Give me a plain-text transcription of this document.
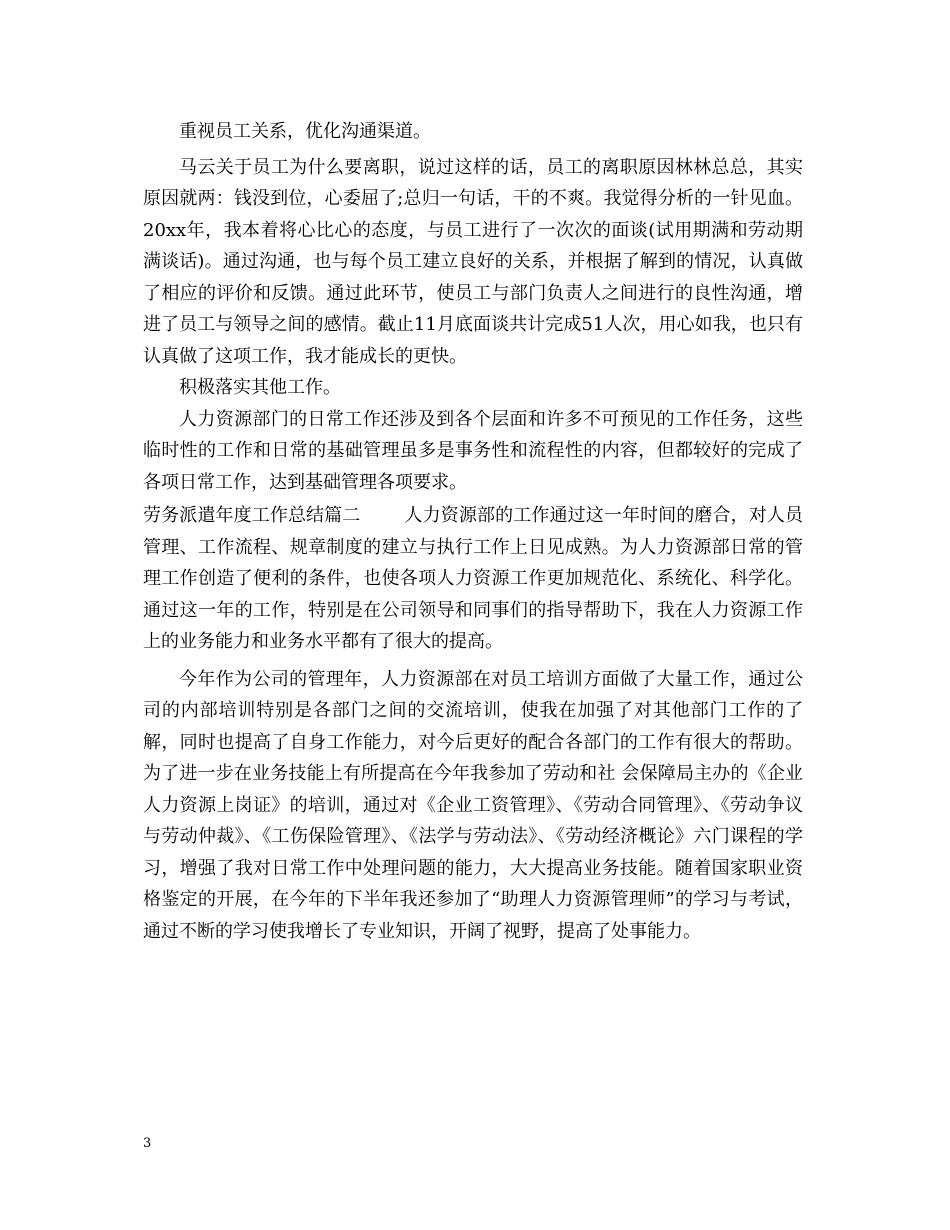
重视员工关系，优化沟通渠道。

马云关于员工为什么要离职，说过这样的话，员工的离职原因林林总总，其实原因就两：钱没到位，心委屈了;总归一句话，干的不爽。我觉得分析的一针见血。20xx年，我本着将心比心的态度，与员工进行了一次次的面谈(试用期满和劳动期满谈话)。通过沟通，也与每个员工建立良好的关系，并根据了解到的情况，认真做了相应的评价和反馈。通过此环节，使员工与部门负责人之间进行的良性沟通，增进了员工与领导之间的感情。截止11月底面谈共计完成51人次，用心如我，也只有认真做了这项工作，我才能成长的更快。

积极落实其他工作。

人力资源部门的日常工作还涉及到各个层面和许多不可预见的工作任务，这些临时性的工作和日常的基础管理虽多是事务性和流程性的内容，但都较好的完成了各项日常工作，达到基础管理各项要求。

劳务派遣年度工作总结篇二 人力资源部的工作通过这一年时间的磨合，对人员管理、工作流程、规章制度的建立与执行工作上日见成熟。为人力资源部日常的管理工作创造了便利的条件，也使各项人力资源工作更加规范化、系统化、科学化。 通过这一年的工作，特别是在公司领导和同事们的指导帮助下，我在人力资源工作上的业务能力和业务水平都有了很大的提高。

今年作为公司的管理年，人力资源部在对员工培训方面做了大量工作，通过公司的内部培训特别是各部门之间的交流培训，使我在加强了对其他部门工作的了解，同时也提高了自身工作能力，对今后更好的配合各部门的工作有很大的帮助。为了进一步在业务技能上有所提高在今年我参加了劳动和社 会保障局主办的《企业人力资源上岗证》的培训，通过对《企业工资管理》、《劳动合同管理》、《劳动争议与劳动仲裁》、《工伤保险管理》、《法学与劳动法》、《劳动经济概论》六门课程的学习，增强了我对日常工作中处理问题的能力，大大提高业务技能。随着国家职业资格鉴定的开展，在今年的下半年我还参加了“助理人力资源管理师”的学习与考试，通过不断的学习使我增长了专业知识，开阔了视野，提高了处事能力。

3
